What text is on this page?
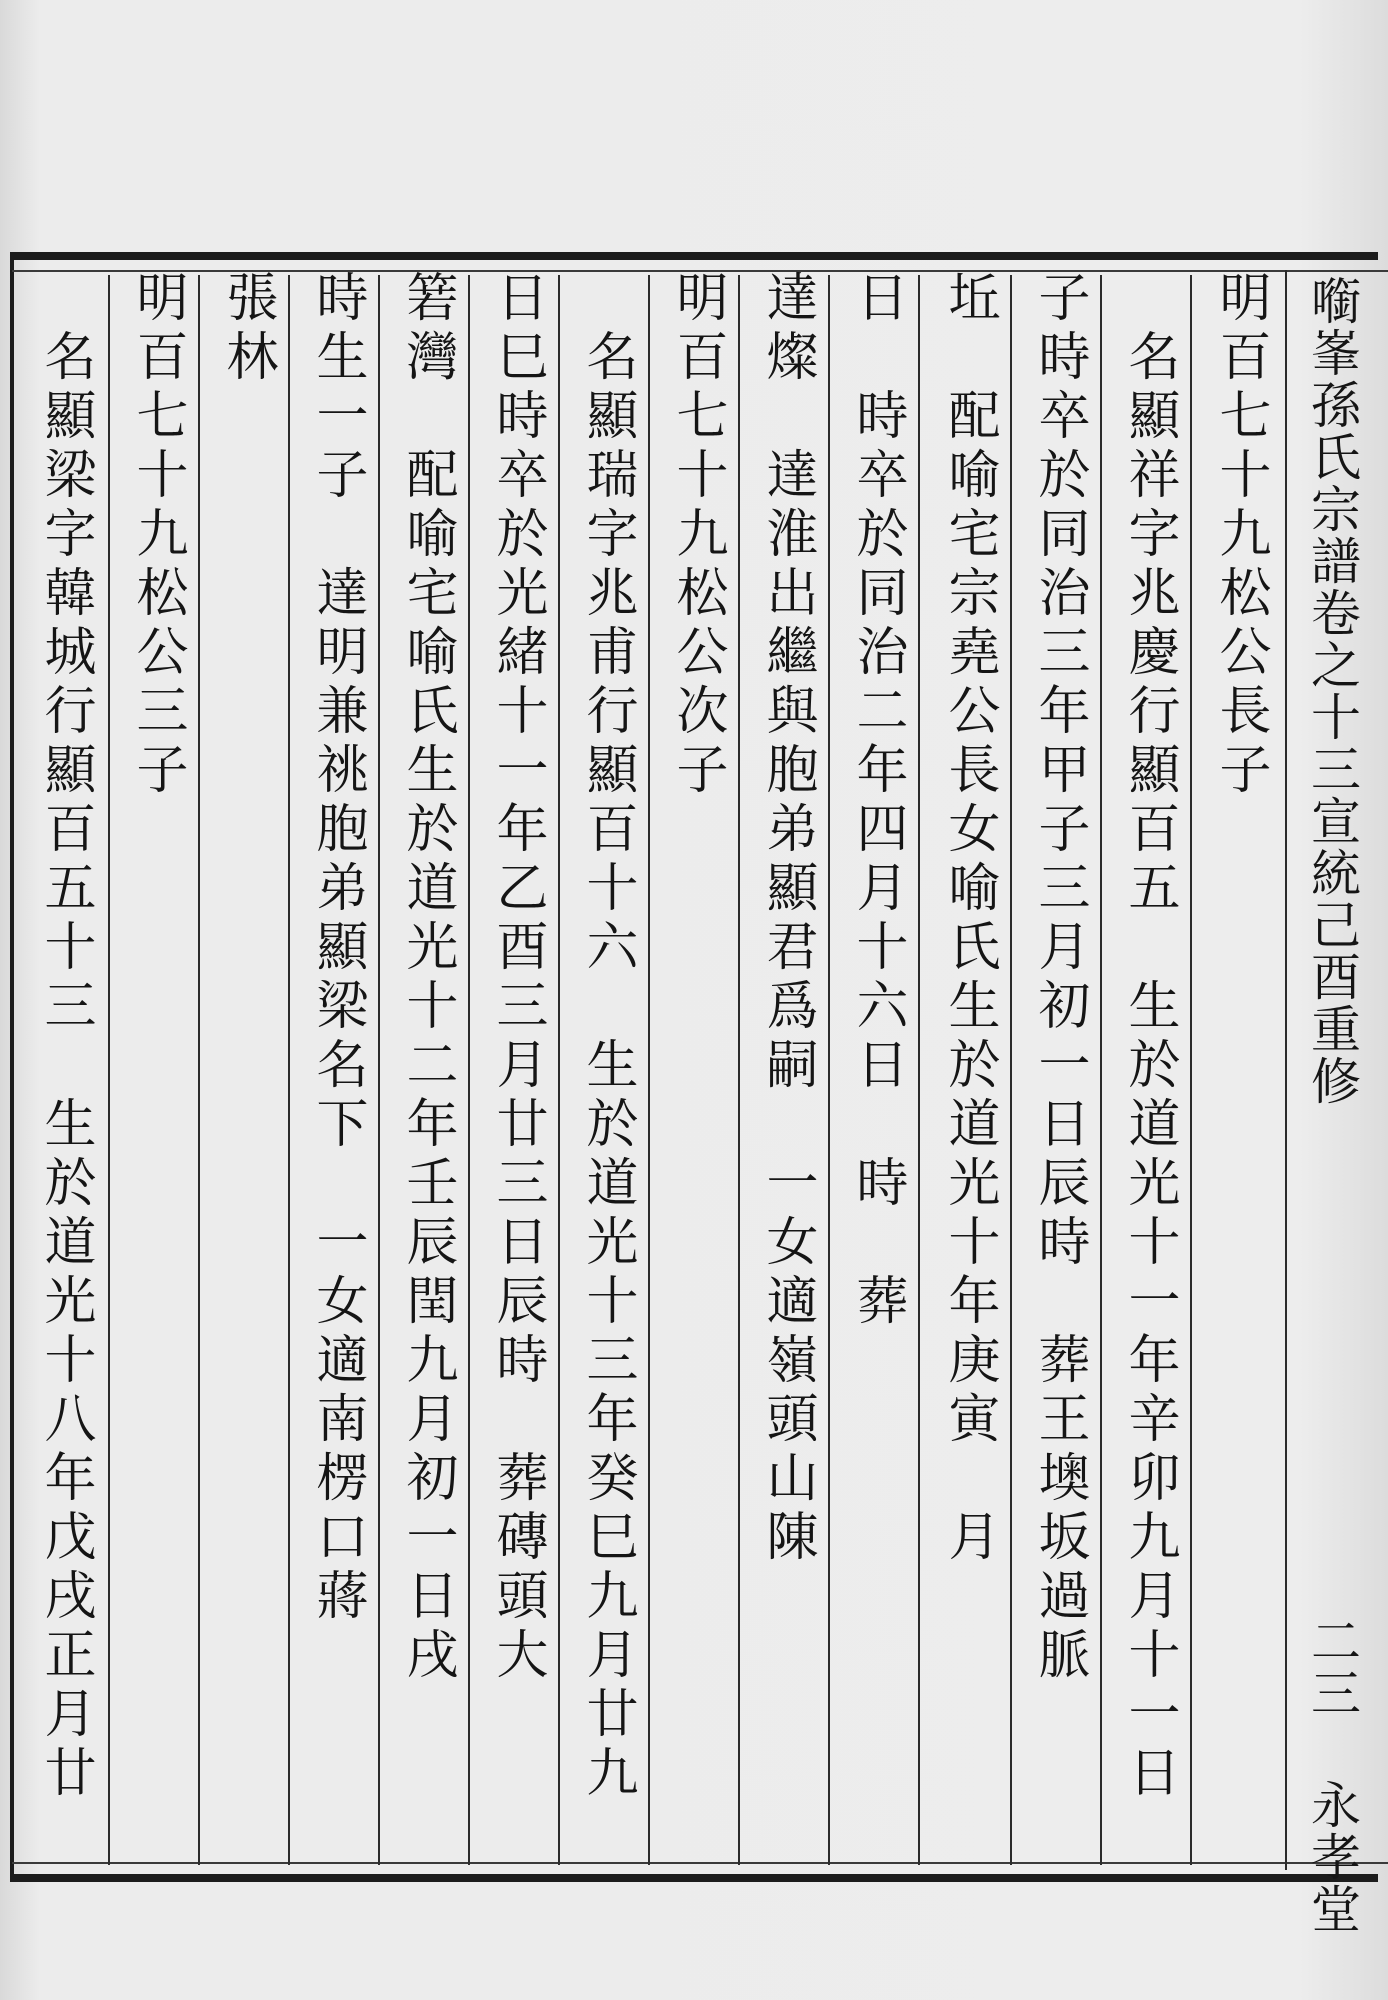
㘅峯孫氏宗譜卷之十三宣統己酉重修
二三 永孝堂
明百七十九松公長子
　名顯祥字兆慶行顯百五　生於道光十一年辛卯九月十一日
子時卒於同治三年甲子三月初一日辰時　葬王墺坂過脈
坵　配喻宅宗堯公長女喻氏生於道光十年庚寅　月
日　時卒於同治二年四月十六日　時　葬
達燦　達淮出繼與胞弟顯君爲嗣　一女適嶺頭山陳
明百七十九松公次子
　名顯瑞字兆甫行顯百十六　生於道光十三年癸巳九月廿九
日巳時卒於光緒十一年乙酉三月廿三日辰時　葬磚頭大
箬灣　配喻宅喻氏生於道光十二年壬辰閏九月初一日戌
時生一子　達明兼祧胞弟顯梁名下　一女適南楞口蔣
張林
明百七十九松公三子
　名顯梁字韓城行顯百五十三　生於道光十八年戊戌正月廿
